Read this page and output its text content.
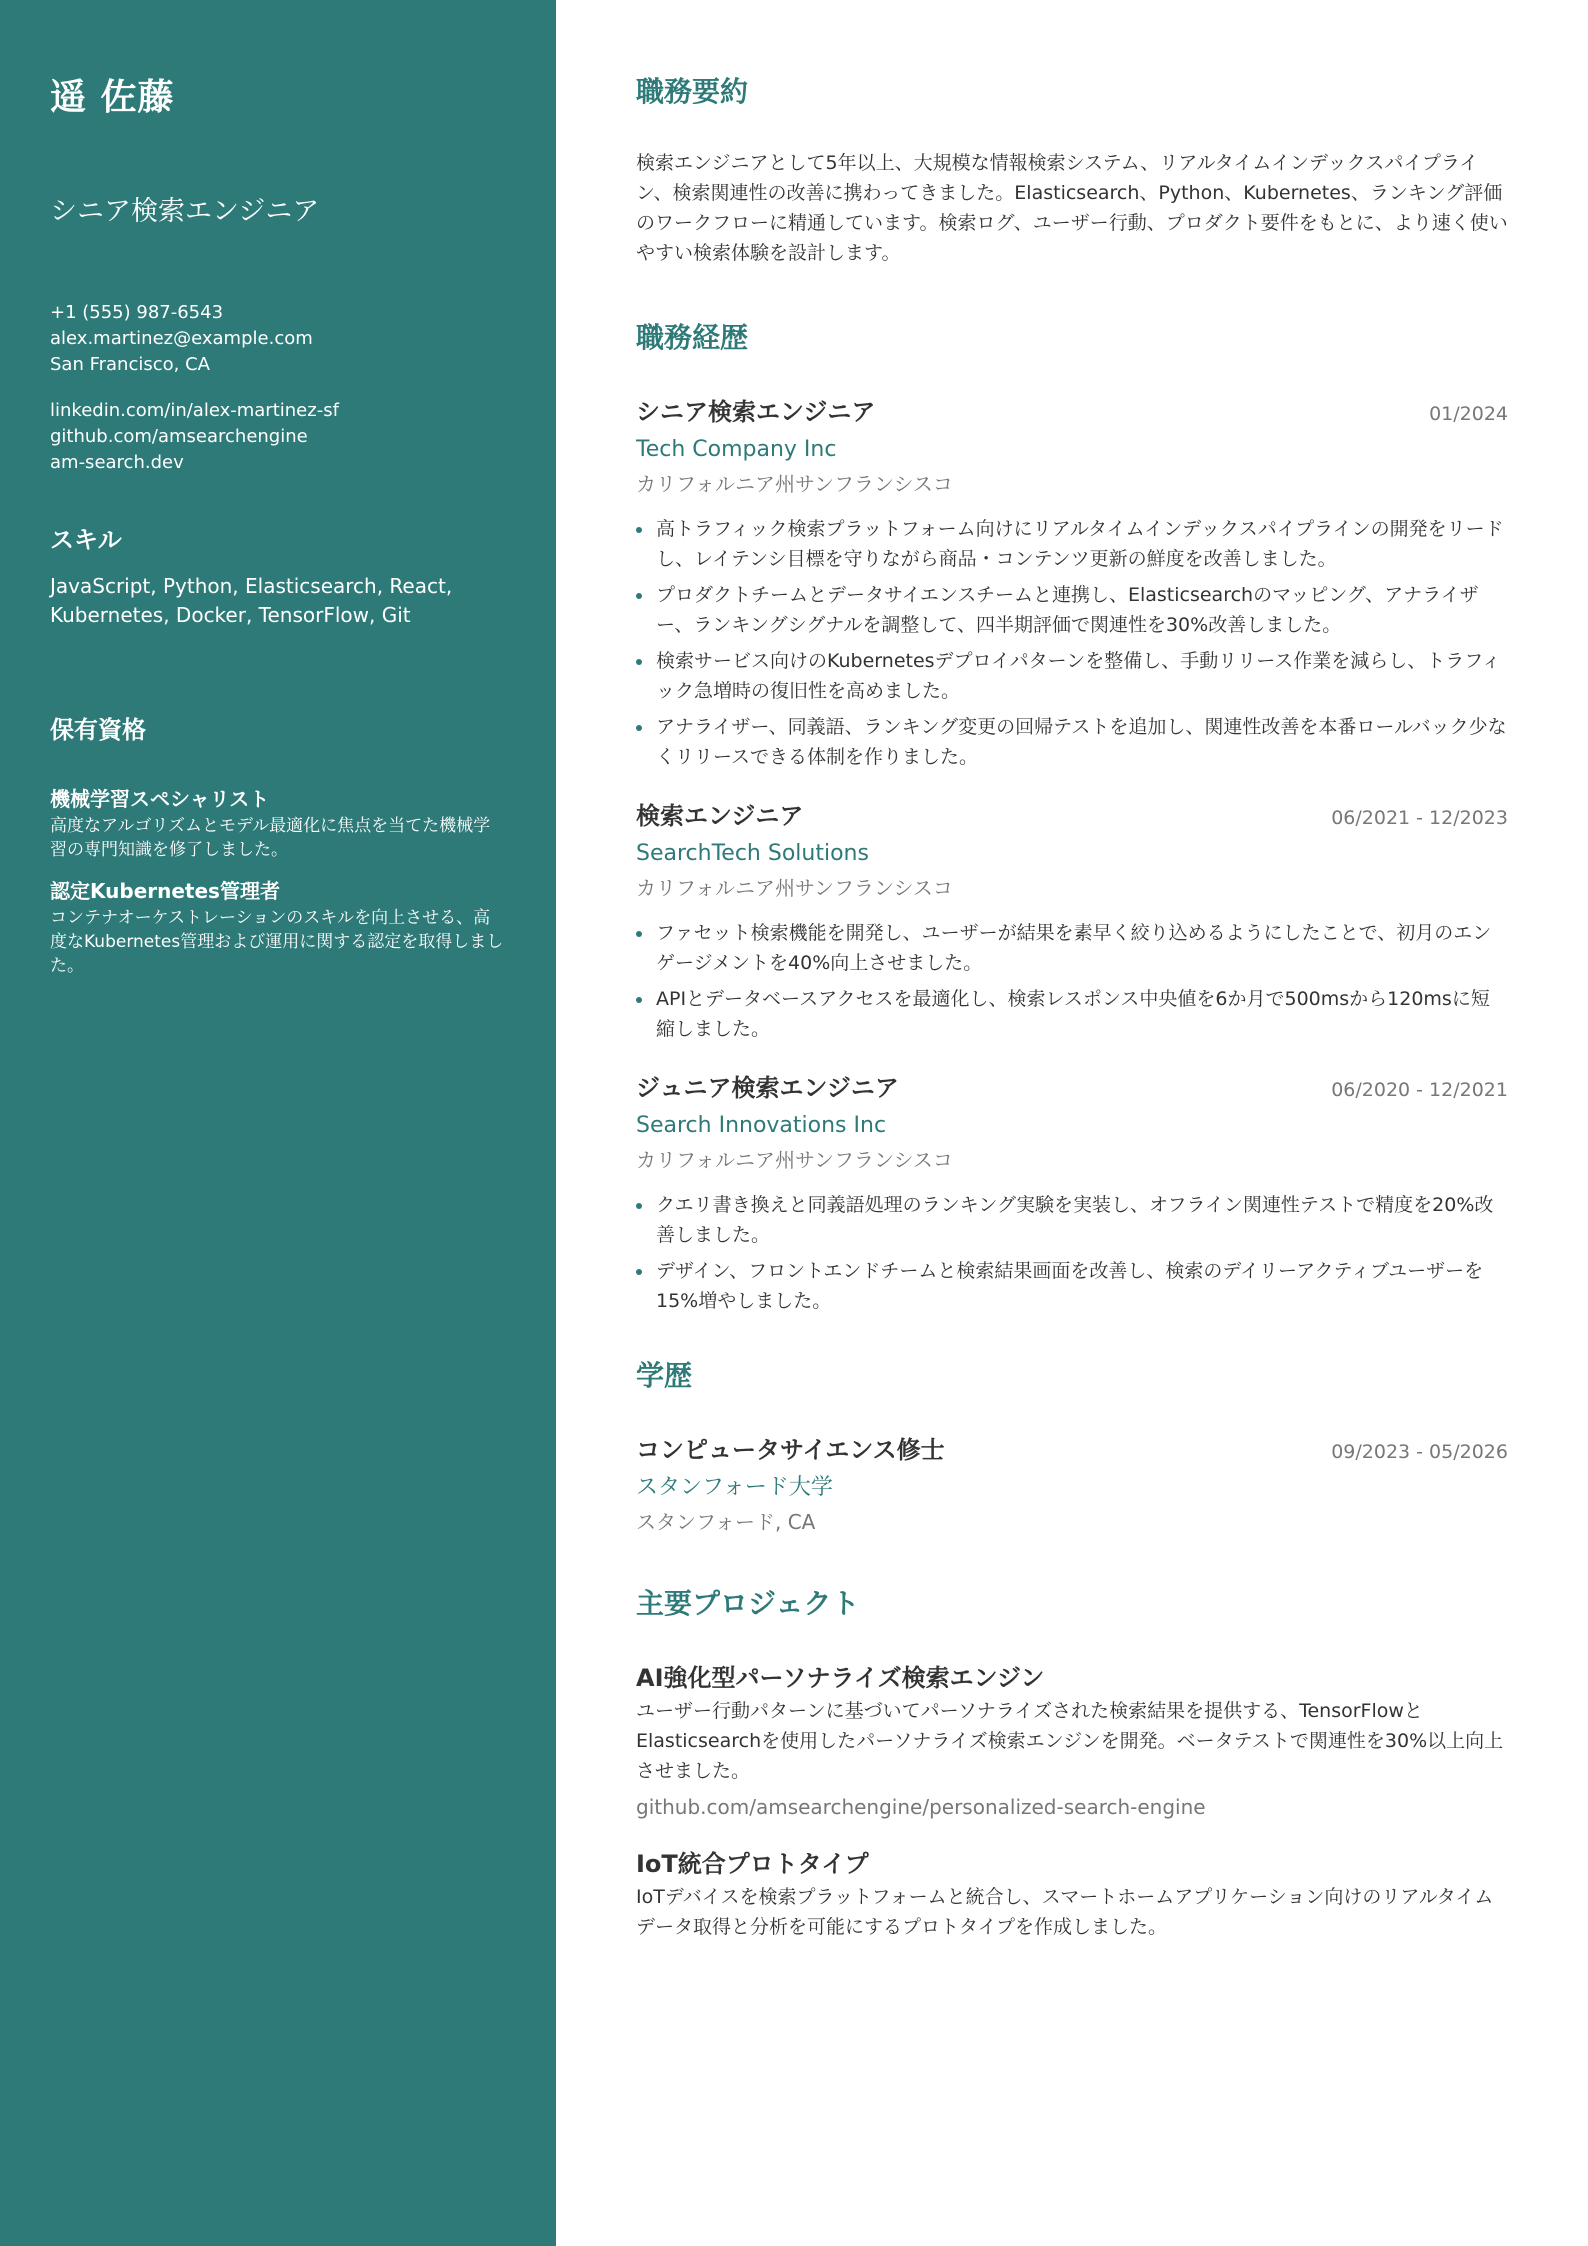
遥 佐藤
シニア検索エンジニア
+1 (555) 987-6543
alex.martinez@example.com
San Francisco, CA
linkedin.com/in/alex-martinez-sf
github.com/amsearchengine
am-search.dev
スキル
JavaScript, Python, Elasticsearch, React, Kubernetes, Docker, TensorFlow, Git
保有資格
機械学習スペシャリスト
高度なアルゴリズムとモデル最適化に焦点を当てた機械学習の専門知識を修了しました。
認定Kubernetes管理者
コンテナオーケストレーションのスキルを向上させる、高度なKubernetes管理および運用に関する認定を取得しました。
職務要約

検索エンジニアとして5年以上、大規模な情報検索システム、リアルタイムインデックスパイプライン、検索関連性の改善に携わってきました。Elasticsearch、Python、Kubernetes、ランキング評価のワークフローに精通しています。検索ログ、ユーザー行動、プロダクト要件をもとに、より速く使いやすい検索体験を設計します。

職務経歴
シニア検索エンジニア	01/2024
Tech Company Inc
カリフォルニア州サンフランシスコ
高トラフィック検索プラットフォーム向けにリアルタイムインデックスパイプラインの開発をリードし、レイテンシ目標を守りながら商品・コンテンツ更新の鮮度を改善しました。
プロダクトチームとデータサイエンスチームと連携し、Elasticsearchのマッピング、アナライザー、ランキングシグナルを調整して、四半期評価で関連性を30%改善しました。
検索サービス向けのKubernetesデプロイパターンを整備し、手動リリース作業を減らし、トラフィック急増時の復旧性を高めました。
アナライザー、同義語、ランキング変更の回帰テストを追加し、関連性改善を本番ロールバック少なくリリースできる体制を作りました。
検索エンジニア	06/2021 - 12/2023
SearchTech Solutions
カリフォルニア州サンフランシスコ
ファセット検索機能を開発し、ユーザーが結果を素早く絞り込めるようにしたことで、初月のエンゲージメントを40%向上させました。
APIとデータベースアクセスを最適化し、検索レスポンス中央値を6か月で500msから120msに短縮しました。
ジュニア検索エンジニア	06/2020 - 12/2021
Search Innovations Inc
カリフォルニア州サンフランシスコ
クエリ書き換えと同義語処理のランキング実験を実装し、オフライン関連性テストで精度を20%改善しました。
デザイン、フロントエンドチームと検索結果画面を改善し、検索のデイリーアクティブユーザーを15%増やしました。
学歴
コンピュータサイエンス修士	09/2023 - 05/2026
スタンフォード大学
スタンフォード, CA
主要プロジェクト
AI強化型パーソナライズ検索エンジン
ユーザー行動パターンに基づいてパーソナライズされた検索結果を提供する、TensorFlowとElasticsearchを使用したパーソナライズ検索エンジンを開発。ベータテストで関連性を30%以上向上させました。
github.com/amsearchengine/personalized-search-engine
IoT統合プロトタイプ
IoTデバイスを検索プラットフォームと統合し、スマートホームアプリケーション向けのリアルタイムデータ取得と分析を可能にするプロトタイプを作成しました。
